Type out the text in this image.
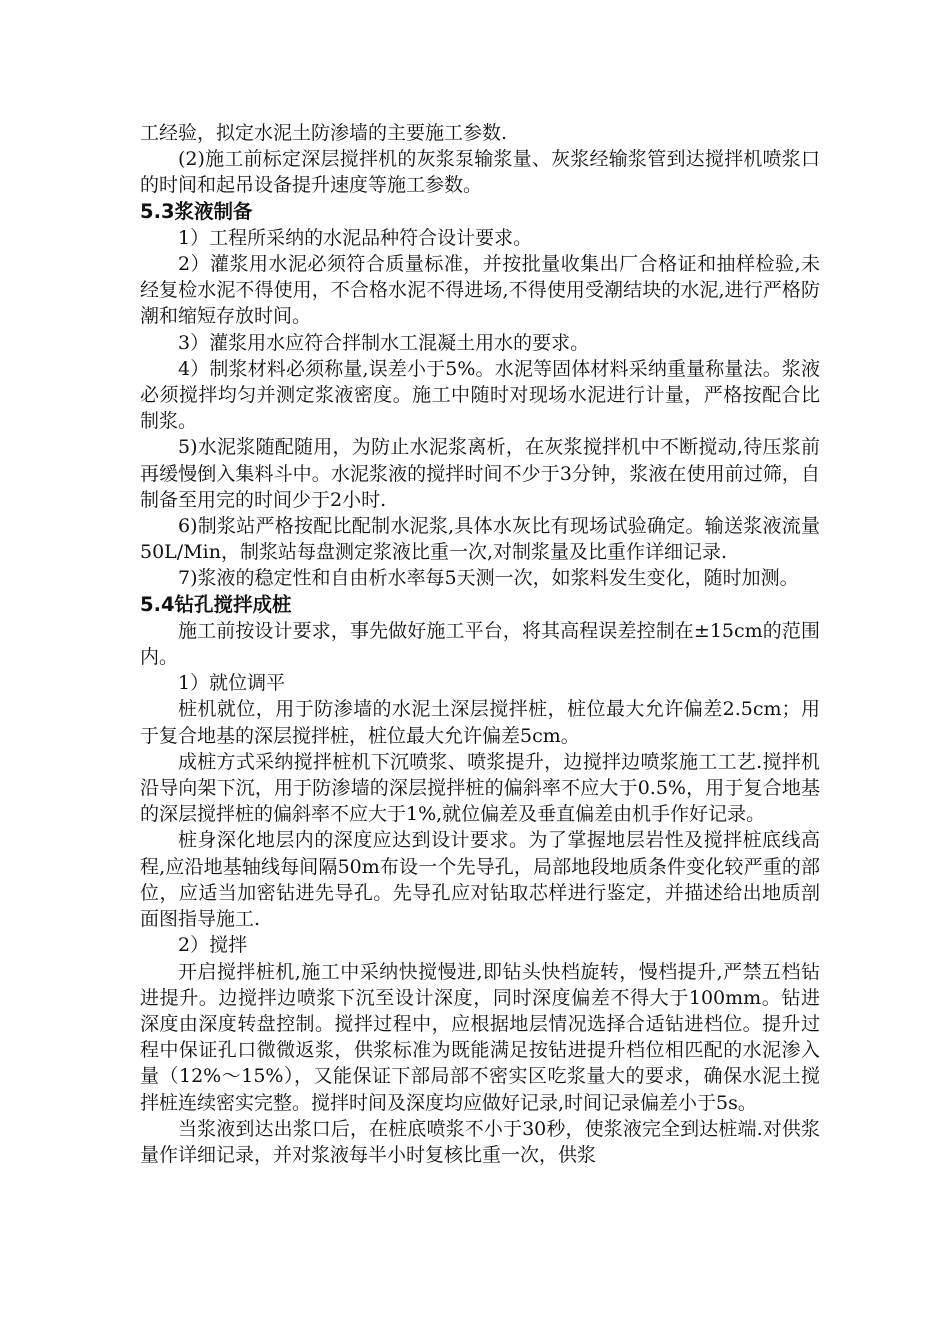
工经验，拟定水泥土防渗墙的主要施工参数.

(2)施工前标定深层搅拌机的灰浆泵输浆量、灰浆经输浆管到达搅拌机喷浆口的时间和起吊设备提升速度等施工参数。

5.3浆液制备

1）工程所采纳的水泥品种符合设计要求。

2）灌浆用水泥必须符合质量标准，并按批量收集出厂合格证和抽样检验,未经复检水泥不得使用，不合格水泥不得进场,不得使用受潮结块的水泥,进行严格防潮和缩短存放时间。

3）灌浆用水应符合拌制水工混凝土用水的要求。

4）制浆材料必须称量,误差小于5%。水泥等固体材料采纳重量称量法。浆液必须搅拌均匀并测定浆液密度。施工中随时对现场水泥进行计量，严格按配合比制浆。

5)水泥浆随配随用，为防止水泥浆离析，在灰浆搅拌机中不断搅动,待压浆前再缓慢倒入集料斗中。水泥浆液的搅拌时间不少于3分钟，浆液在使用前过筛，自制备至用完的时间少于2小时.

6)制浆站严格按配比配制水泥浆,具体水灰比有现场试验确定。输送浆液流量50L/Min，制浆站每盘测定浆液比重一次,对制浆量及比重作详细记录.

7)浆液的稳定性和自由析水率每5天测一次，如浆料发生变化，随时加测。

5.4钻孔搅拌成桩

施工前按设计要求，事先做好施工平台，将其高程误差控制在±15cm的范围内。

1）就位调平

桩机就位，用于防渗墙的水泥土深层搅拌桩，桩位最大允许偏差2.5cm；用于复合地基的深层搅拌桩，桩位最大允许偏差5cm。

成桩方式采纳搅拌桩机下沉喷浆、喷浆提升，边搅拌边喷浆施工工艺.搅拌机沿导向架下沉，用于防渗墙的深层搅拌桩的偏斜率不应大于0.5%，用于复合地基的深层搅拌桩的偏斜率不应大于1%,就位偏差及垂直偏差由机手作好记录。

桩身深化地层内的深度应达到设计要求。为了掌握地层岩性及搅拌桩底线高程,应沿地基轴线每间隔50m布设一个先导孔，局部地段地质条件变化较严重的部位，应适当加密钻进先导孔。先导孔应对钻取芯样进行鉴定，并描述给出地质剖面图指导施工.

2）搅拌

开启搅拌桩机,施工中采纳快搅慢进,即钻头快档旋转，慢档提升,严禁五档钻进提升。边搅拌边喷浆下沉至设计深度，同时深度偏差不得大于100mm。钻进深度由深度转盘控制。搅拌过程中，应根据地层情况选择合适钻进档位。提升过程中保证孔口微微返浆，供浆标准为既能满足按钻进提升档位相匹配的水泥渗入量（12%～15%），又能保证下部局部不密实区吃浆量大的要求，确保水泥土搅拌桩连续密实完整。搅拌时间及深度均应做好记录,时间记录偏差小于5s。

当浆液到达出浆口后，在桩底喷浆不小于30秒，使浆液完全到达桩端.对供浆量作详细记录，并对浆液每半小时复核比重一次，供浆
